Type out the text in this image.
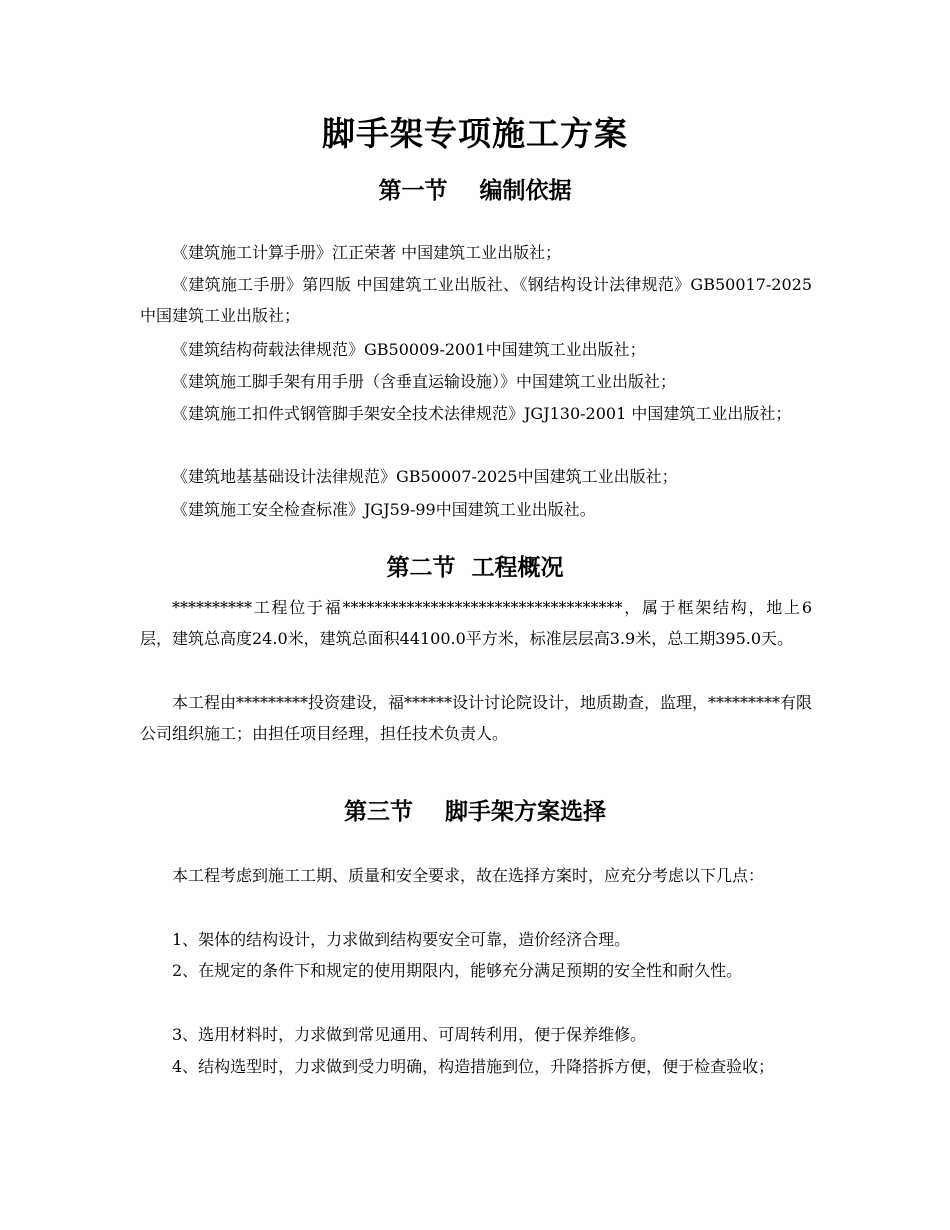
脚手架专项施工方案
第一节    编制依据

《建筑施工计算手册》江正荣著 中国建筑工业出版社；

《建筑施工手册》第四版 中国建筑工业出版社、《钢结构设计法律规范》GB50017-2025 中国建筑工业出版社；

《建筑结构荷载法律规范》GB50009-2001中国建筑工业出版社；

《建筑施工脚手架有用手册（含垂直运输设施）》中国建筑工业出版社；

《建筑施工扣件式钢管脚手架安全技术法律规范》JGJ130-2001 中国建筑工业出版社；

《建筑地基基础设计法律规范》GB50007-2025中国建筑工业出版社；

《建筑施工安全检查标准》JGJ59-99中国建筑工业出版社。

第二节  工程概况

**********工程位于福***********************************，属于框架结构，地上6层，建筑总高度24.0米，建筑总面积44100.0平方米，标准层层高3.9米，总工期395.0天。

本工程由*********投资建设，福******设计讨论院设计，地质勘查，监理，*********有限公司组织施工；由担任项目经理，担任技术负责人。

第三节    脚手架方案选择

本工程考虑到施工工期、质量和安全要求，故在选择方案时，应充分考虑以下几点：

1、架体的结构设计，力求做到结构要安全可靠，造价经济合理。

2、在规定的条件下和规定的使用期限内，能够充分满足预期的安全性和耐久性。

3、选用材料时，力求做到常见通用、可周转利用，便于保养维修。

4、结构选型时，力求做到受力明确，构造措施到位，升降搭拆方便，便于检查验收；
